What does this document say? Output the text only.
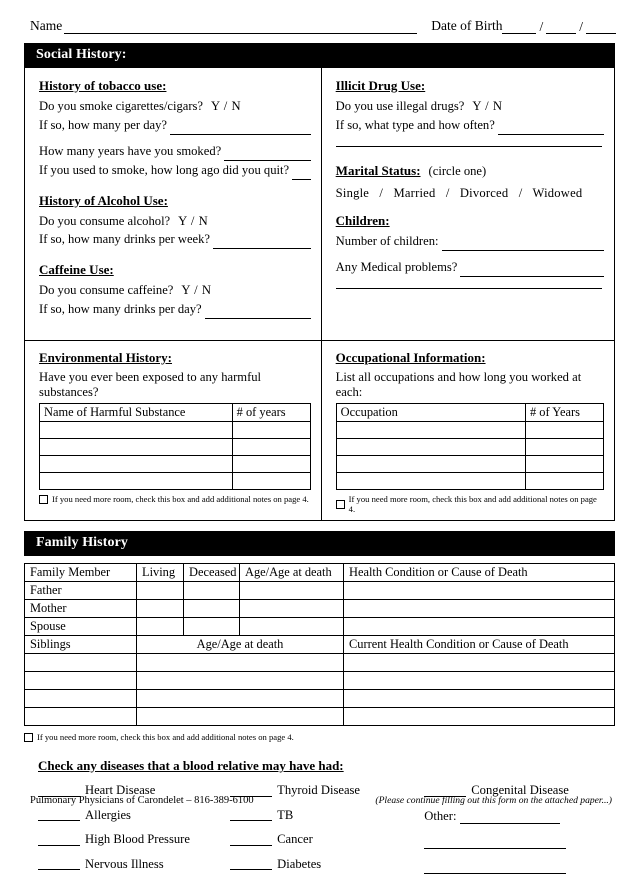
Name	Date of Birth	/	/
Social History:
History of tobacco use:
Do you smoke cigarettes/cigars? Y / N
If so, how many per day?
How many years have you smoked?
If you used to smoke, how long ago did you quit?
History of Alcohol Use:
Do you consume alcohol? Y / N
If so, how many drinks per week?
Caffeine Use:
Do you consume caffeine? Y / N
If so, how many drinks per day?
Illicit Drug Use:
Do you use illegal drugs? Y / N
If so, what type and how often?
Marital Status: (circle one)
Single / Married / Divorced / Widowed
Children:
Number of children:
Any Medical problems?
Environmental History:
Have you ever been exposed to any harmful substances?
Name of Harmful Substance	# of years

If you need more room, check this box and add additional notes on page 4.
Occupational Information:
List all occupations and how long you worked at each:
Occupation	# of Years

If you need more room, check this box and add additional notes on page 4.
Family History
Family Member	Living	Deceased	Age/Age at death	Health Condition or Cause of Death
Father				
Mother				
Spouse				
Siblings	Age/Age at death			Current Health Condition or Cause of Death

If you need more room, check this box and add additional notes on page 4.
Check any diseases that a blood relative may have had:
Heart Disease
Allergies
High Blood Pressure
Nervous Illness
Thyroid Disease
TB
Cancer
Diabetes
Congenital Disease
Other:
Pulmonary Physicians of Carondelet – 816-389-6100	(Please continue filling out this form on the attached paper...)
